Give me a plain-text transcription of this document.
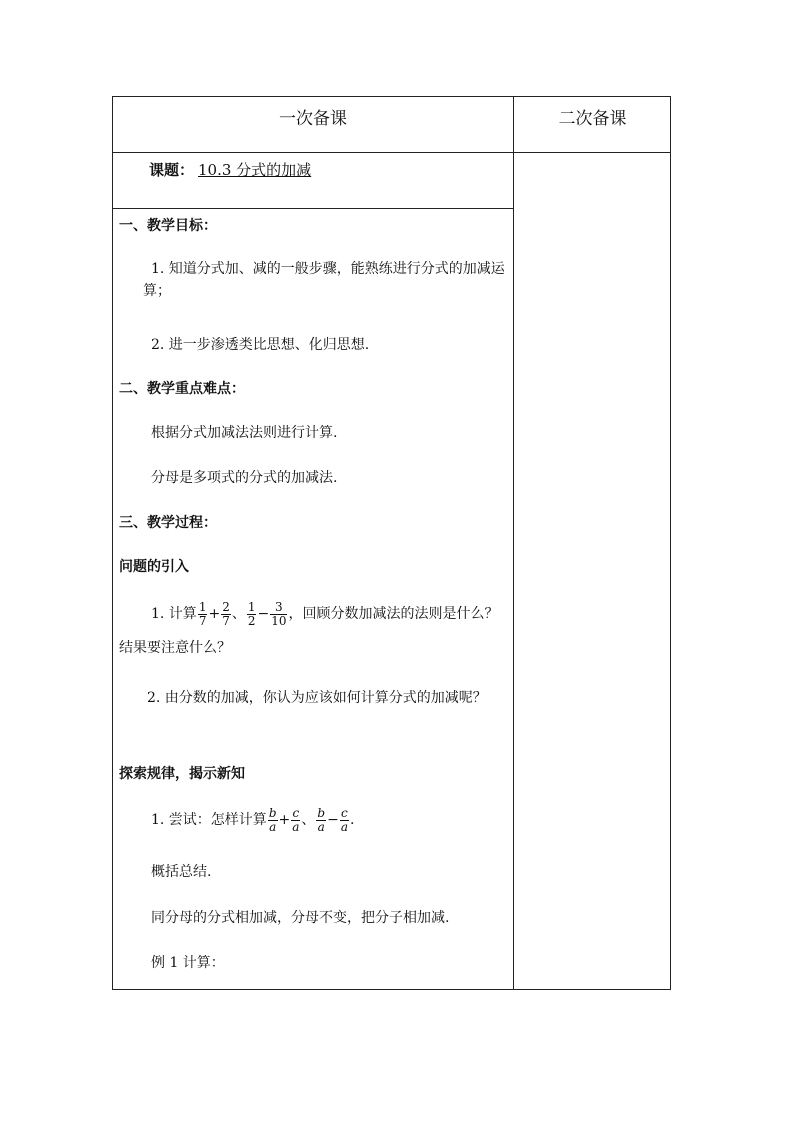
一次备课	二次备课
课题： 10.3 分式的加减
一、教学目标：
1. 知道分式加、减的一般步骤，能熟练进行分式的加减运算；
2. 进一步渗透类比思想、化归思想.
二、教学重点难点：
根据分式加减法法则进行计算.
分母是多项式的分式的加减法.
三、教学过程：
问题的引入
1. 计算 $\frac{1}{7} + \frac{2}{7}$ 、 $\frac{1}{2} - \frac{3}{10}$ ，回顾分数加减法的法则是什么？结果要注意什么？
2. 由分数的加减，你认为应该如何计算分式的加减呢？
探索规律，揭示新知
1. 尝试：怎样计算 $\frac{b}{a} + \frac{c}{a}$ 、 $\frac{b}{a} - \frac{c}{a}$ .
概括总结.
同分母的分式相加减，分母不变，把分子相加减.
例 1 计算：
